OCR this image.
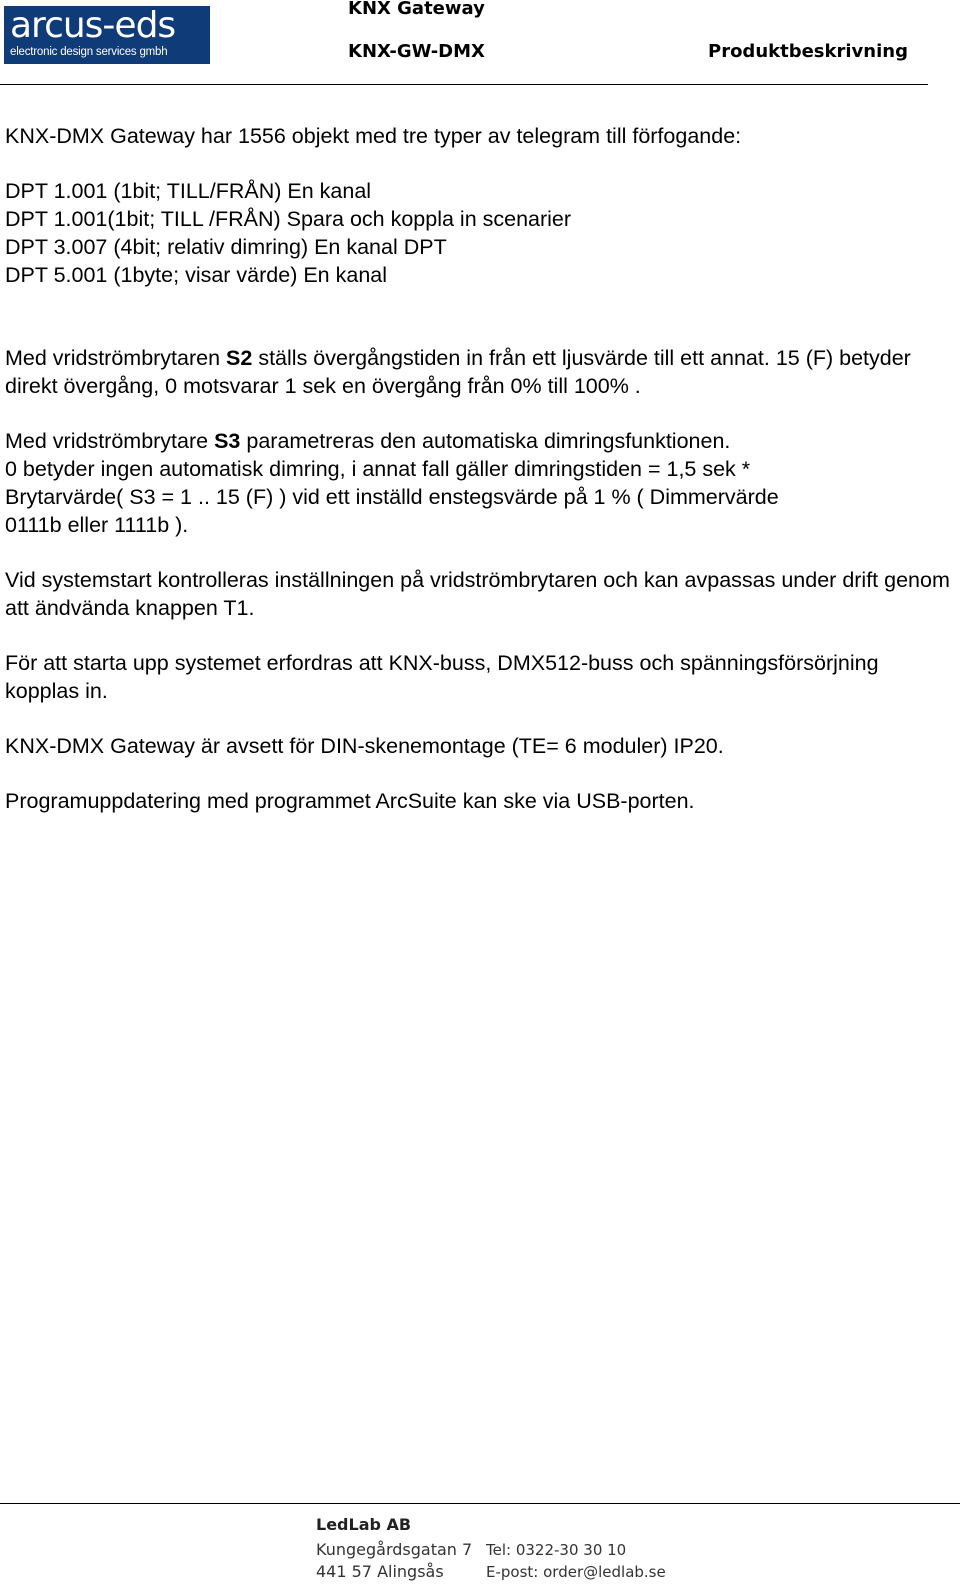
arcus-eds
electronic design services gmbh
KNX Gateway
KNX-GW-DMX	Produktbeskrivning

KNX-DMX Gateway har 1556 objekt med tre typer av telegram till förfogande:

DPT 1.001 (1bit; TILL/FRÅN) En kanal

DPT 1.001(1bit; TILL /FRÅN) Spara och koppla in scenarier

DPT 3.007 (4bit; relativ dimring) En kanal DPT

DPT 5.001 (1byte; visar värde) En kanal

Med vridströmbrytaren S2 ställs övergångstiden in från ett ljusvärde till ett annat. 15 (F) betyder direkt övergång, 0 motsvarar 1 sek en övergång från 0% till 100% .

Med vridströmbrytare S3 parametreras den automatiska dimringsfunktionen.

0 betyder ingen automatisk dimring, i annat fall gäller dimringstiden = 1,5 sek *

Brytarvärde( S3 = 1 .. 15 (F) ) vid ett inställd enstegsvärde på 1 % ( Dimmervärde

0111b eller 1111b ).

Vid systemstart kontrolleras inställningen på vridströmbrytaren och kan avpassas under drift genom att ändvända knappen T1.

För att starta upp systemet erfordras att KNX-buss, DMX512-buss och spänningsförsörjning kopplas in.

KNX-DMX Gateway är avsett för DIN-skenemontage (TE= 6 moduler) IP20.

Programuppdatering med programmet ArcSuite kan ske via USB-porten.

LedLab AB
Kungegårdsgatan 7
441 57 Alingsås
Tel: 0322-30 30 10
E-post: order@ledlab.se
